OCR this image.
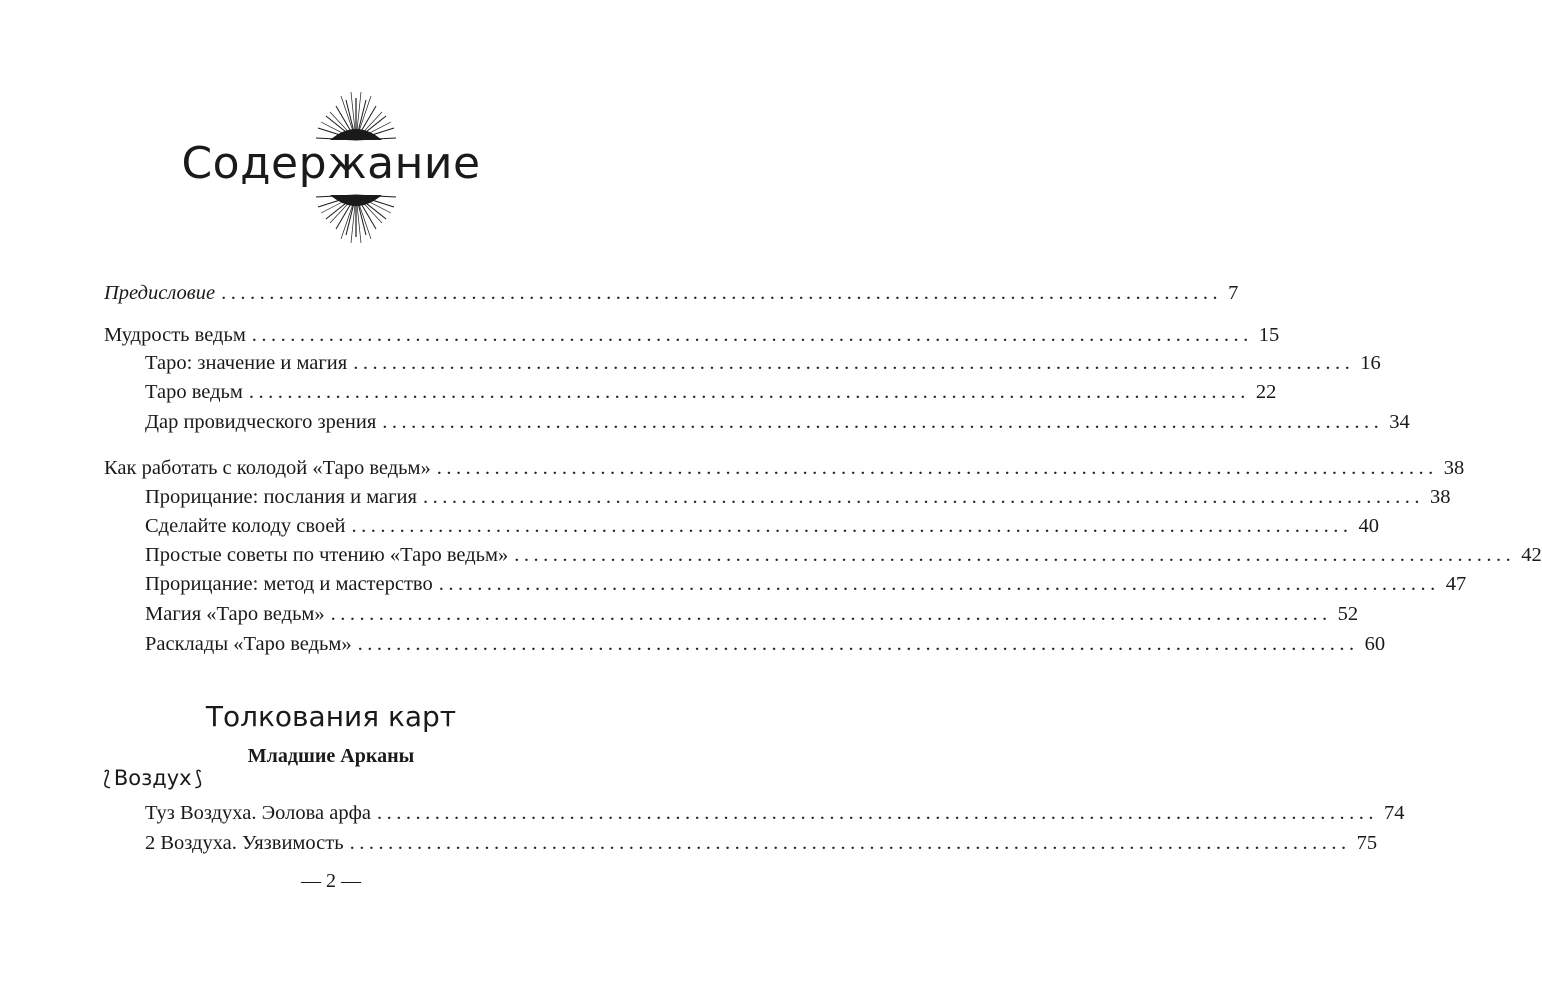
Содержание
Предисловие ........................................................................................................ 7
Мудрость ведьм ........................................................................................................ 15
Таро: значение и магия ........................................................................................................ 16
Таро ведьм ........................................................................................................ 22
Дар провидческого зрения ........................................................................................................ 34
Как работать с колодой «Таро ведьм» ........................................................................................................ 38
Прорицание: послания и магия ........................................................................................................ 38
Сделайте колоду своей ........................................................................................................ 40
Простые советы по чтению «Таро ведьм» ........................................................................................................ 42
Прорицание: метод и мастерство ........................................................................................................ 47
Магия «Таро ведьм» ........................................................................................................ 52
Расклады «Таро ведьм» ........................................................................................................ 60
Толкования карт
Младшие Арканы
⟅ Воздух ⟆
Туз Воздуха. Эолова арфа ........................................................................................................ 74
2 Воздуха. Уязвимость ........................................................................................................ 75
— 2 —
